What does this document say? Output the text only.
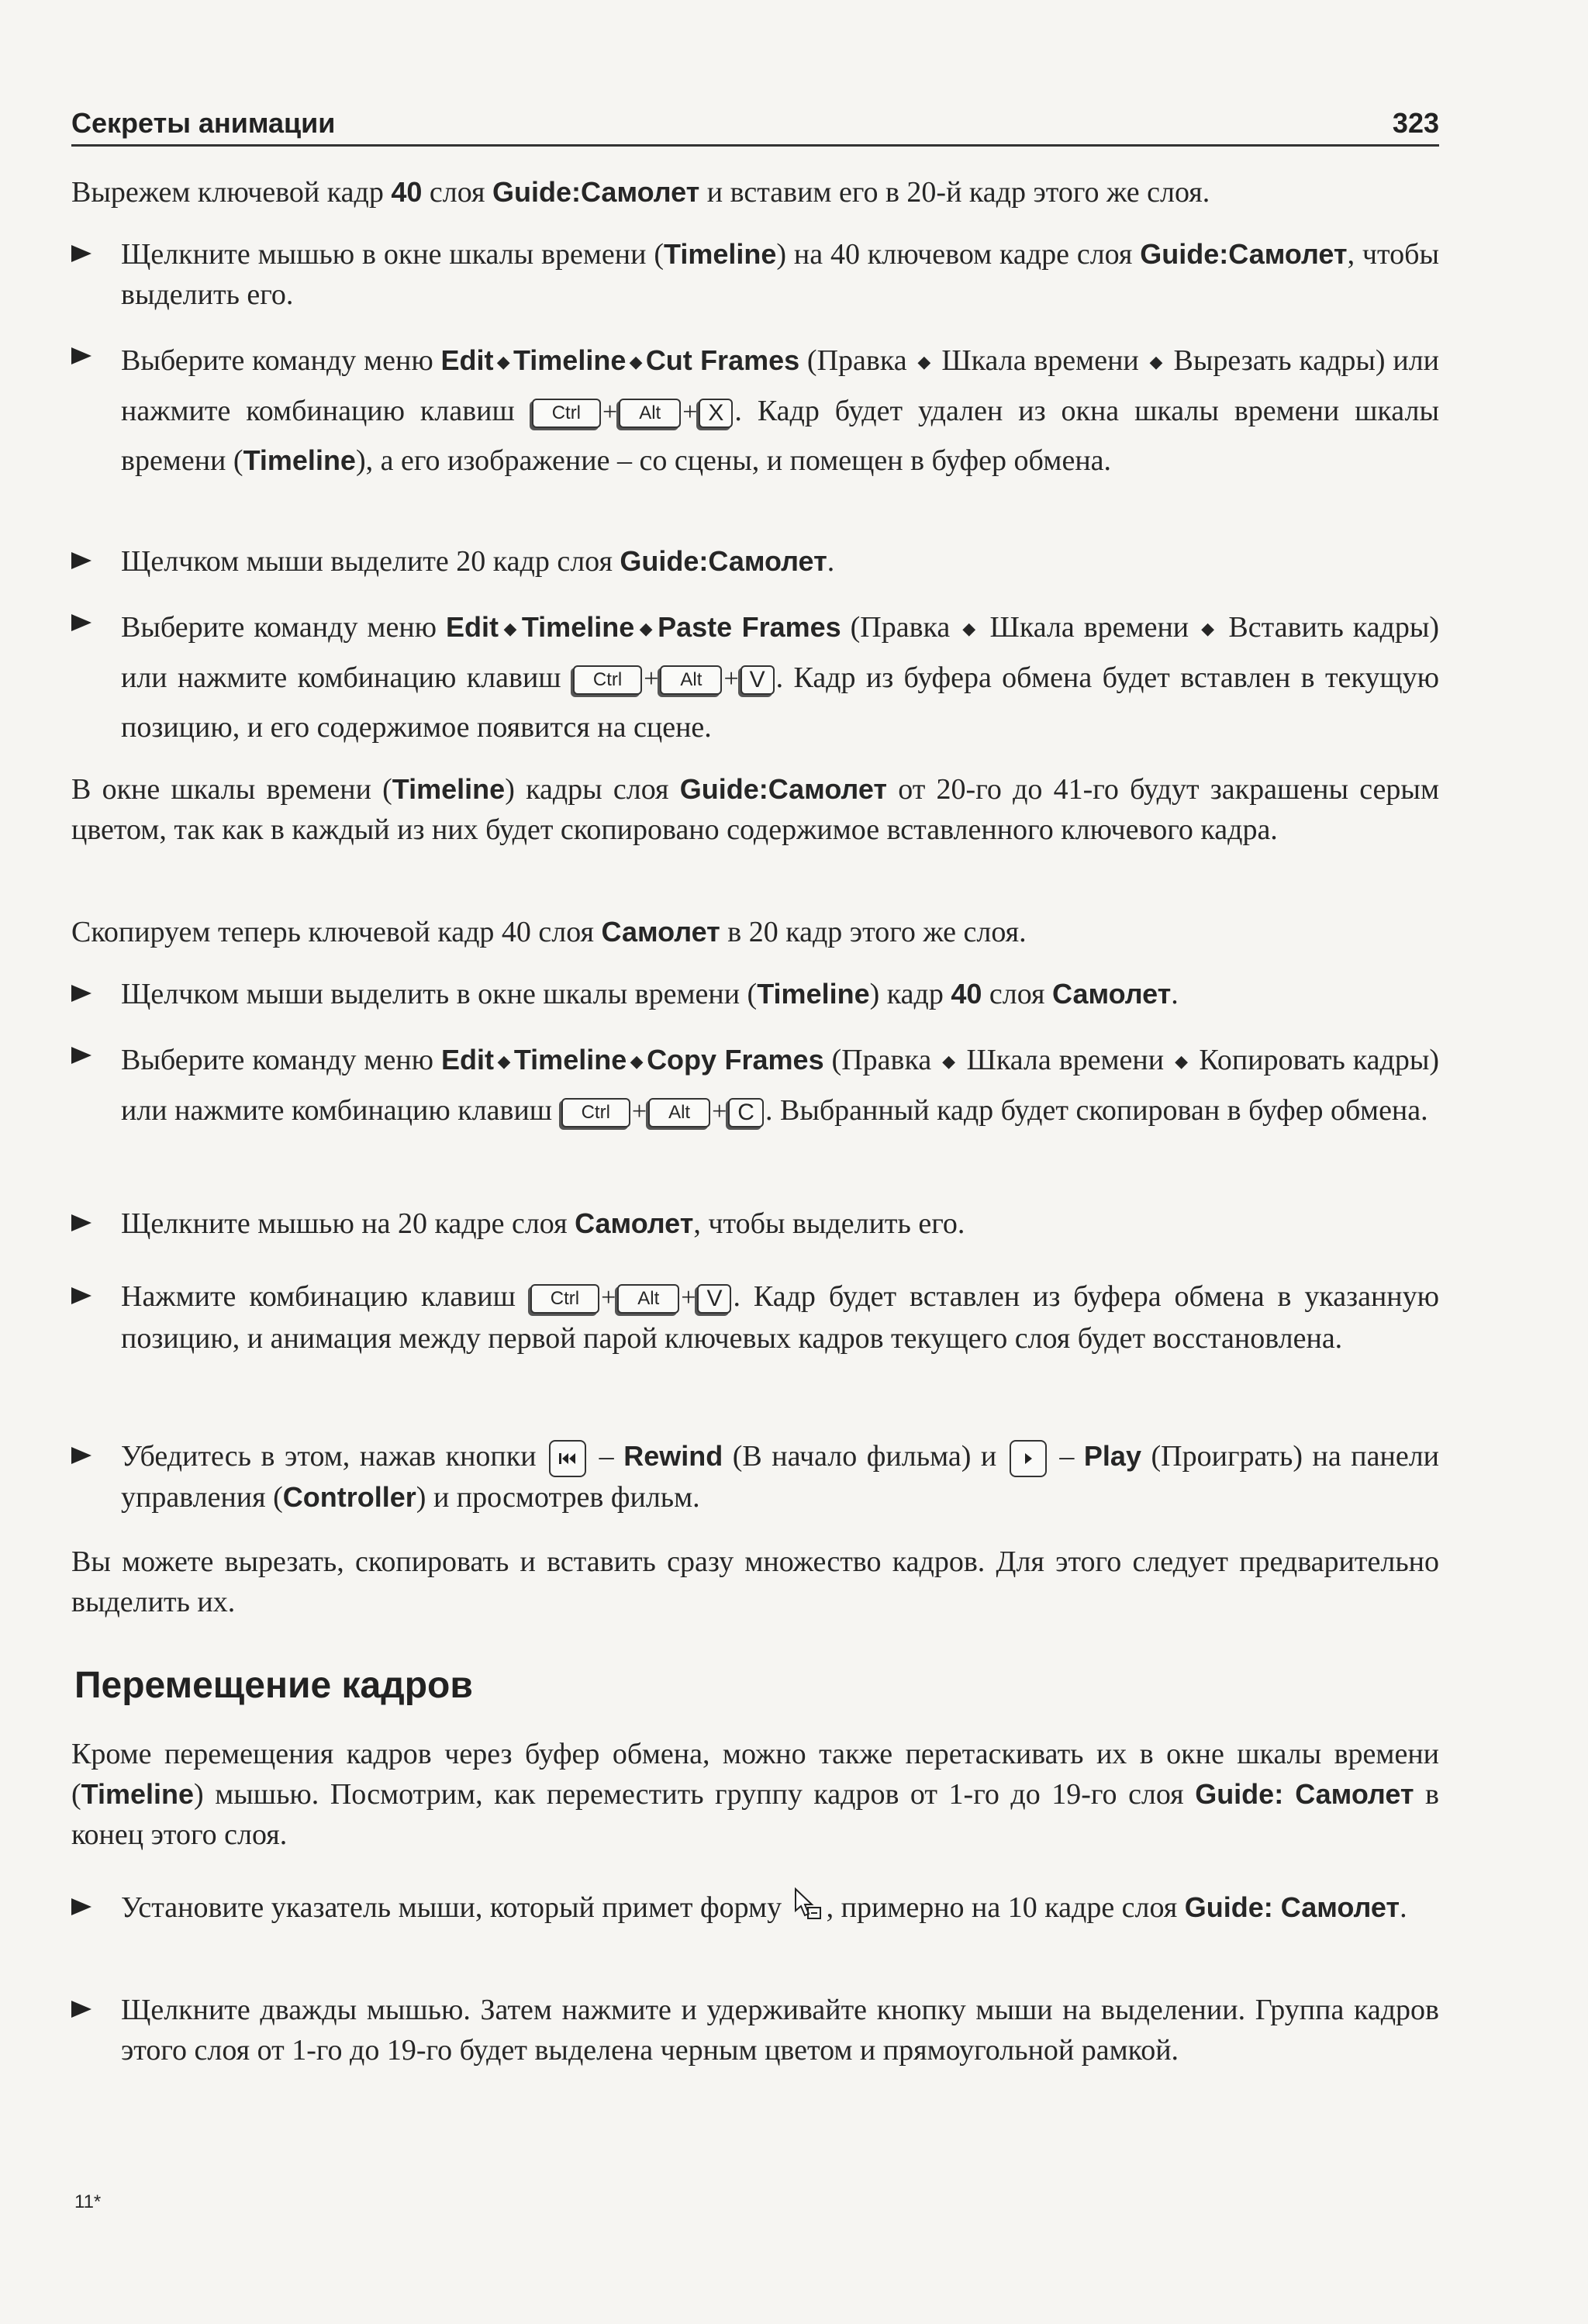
Секреты анимации	323
Вырежем ключевой кадр 40 слоя Guide:Самолет и вставим его в 20-й кадр этого же слоя.
Щелкните мышью в окне шкалы времени (Timeline) на 40 ключевом кадре слоя Guide:Самолет, чтобы выделить его.
Выберите команду меню Edit ◆ Timeline ◆ Cut Frames (Правка ◆ Шкала времени ◆ Вырезать кадры) или нажмите комбинацию клавиш Ctrl + Alt + X . Кадр будет удален из окна шкалы времени шкалы времени (Timeline), а его изображение – со сцены, и помещен в буфер обмена.
Щелчком мыши выделите 20 кадр слоя Guide:Самолет.
Выберите команду меню Edit ◆ Timeline ◆ Paste Frames (Правка ◆ Шкала времени ◆ Вставить кадры) или нажмите комбинацию клавиш Ctrl + Alt + V . Кадр из буфера обмена будет вставлен в текущую позицию, и его содержимое появится на сцене.
В окне шкалы времени (Timeline) кадры слоя Guide:Самолет от 20-го до 41-го будут закрашены серым цветом, так как в каждый из них будет скопировано содержимое вставленного ключевого кадра.
Скопируем теперь ключевой кадр 40 слоя Самолет в 20 кадр этого же слоя.
Щелчком мыши выделить в окне шкалы времени (Timeline) кадр 40 слоя Самолет.
Выберите команду меню Edit ◆ Timeline ◆ Copy Frames (Правка ◆ Шкала времени ◆ Копировать кадры) или нажмите комбинацию клавиш Ctrl + Alt + C . Выбранный кадр будет скопирован в буфер обмена.
Щелкните мышью на 20 кадре слоя Самолет, чтобы выделить его.
Нажмите комбинацию клавиш Ctrl + Alt + V . Кадр будет вставлен из буфера обмена в указанную позицию, и анимация между первой парой ключевых кадров текущего слоя будет восстановлена.
Убедитесь в этом, нажав кнопки
– Rewind (В начало фильма) и
– Play (Проиграть) на панели управления (Controller) и просмотрев фильм.
Вы можете вырезать, скопировать и вставить сразу множество кадров. Для этого следует предварительно выделить их.
Перемещение кадров
Кроме перемещения кадров через буфер обмена, можно также перетаскивать их в окне шкалы времени (Timeline) мышью. Посмотрим, как переместить группу кадров от 1-го до 19-го слоя Guide: Самолет в конец этого слоя.
Установите указатель мыши, который примет форму , примерно на 10 кадре слоя Guide: Самолет.
Щелкните дважды мышью. Затем нажмите и удерживайте кнопку мыши на выделении. Группа кадров этого слоя от 1-го до 19-го будет выделена черным цветом и прямоугольной рамкой.
11*
